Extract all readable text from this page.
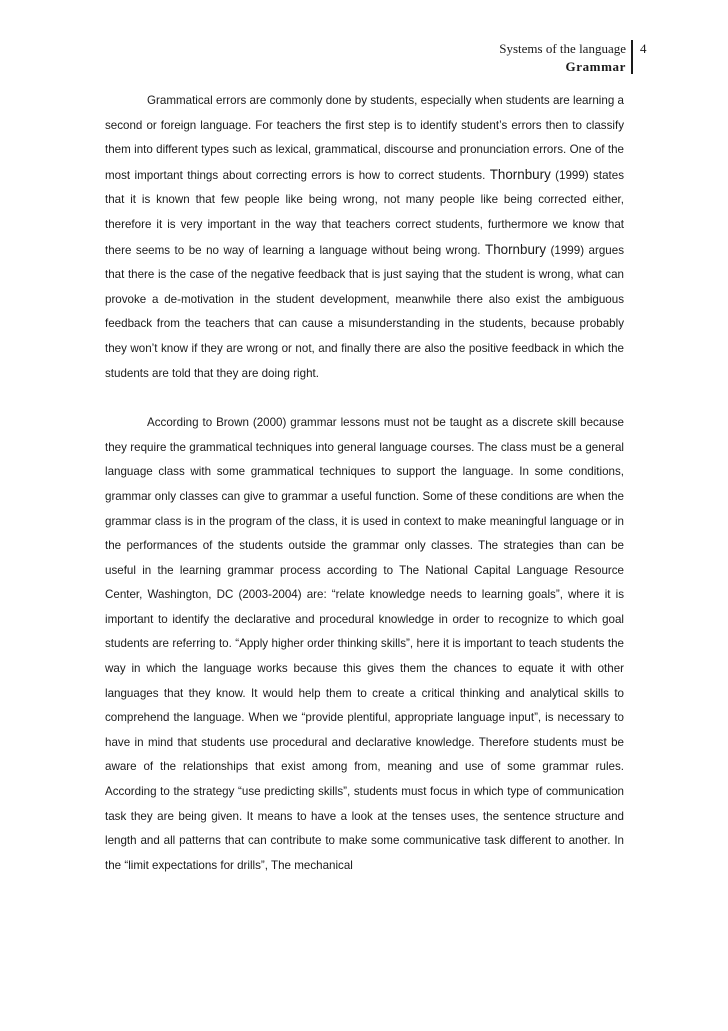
Systems of the language
Grammar
4

Grammatical errors are commonly done by students, especially when students are learning a second or foreign language. For teachers the first step is to identify student’s errors then to classify them into different types such as lexical, grammatical, discourse and pronunciation errors. One of the most important things about correcting errors is how to correct students. Thornbury (1999) states that it is known that few people like being wrong, not many people like being corrected either, therefore it is very important in the way that teachers correct students, furthermore we know that there seems to be no way of learning a language without being wrong. Thornbury (1999) argues that there is the case of the negative feedback that is just saying that the student is wrong, what can provoke a de-motivation in the student development, meanwhile there also exist the ambiguous feedback from the teachers that can cause a misunderstanding in the students, because probably they won’t know if they are wrong or not, and finally there are also the positive feedback in which the students are told that they are doing right.

According to Brown (2000) grammar lessons must not be taught as a discrete skill because they require the grammatical techniques into general language courses. The class must be a general language class with some grammatical techniques to support the language. In some conditions, grammar only classes can give to grammar a useful function. Some of these conditions are when the grammar class is in the program of the class, it is used in context to make meaningful language or in the performances of the students outside the grammar only classes. The strategies than can be useful in the learning grammar process according to The National Capital Language Resource Center, Washington, DC (2003-2004) are: “relate knowledge needs to learning goals”, where it is important to identify the declarative and procedural knowledge in order to recognize to which goal students are referring to. “Apply higher order thinking skills”, here it is important to teach students the way in which the language works because this gives them the chances to equate it with other languages that they know. It would help them to create a critical thinking and analytical skills to comprehend the language. When we “provide plentiful, appropriate language input”, is necessary to have in mind that students use procedural and declarative knowledge. Therefore students must be aware of the relationships that exist among from, meaning and use of some grammar rules. According to the strategy “use predicting skills”, students must focus in which type of communication task they are being given. It means to have a look at the tenses uses, the sentence structure and length and all patterns that can contribute to make some communicative task different to another. In the “limit expectations for drills”, The mechanical
